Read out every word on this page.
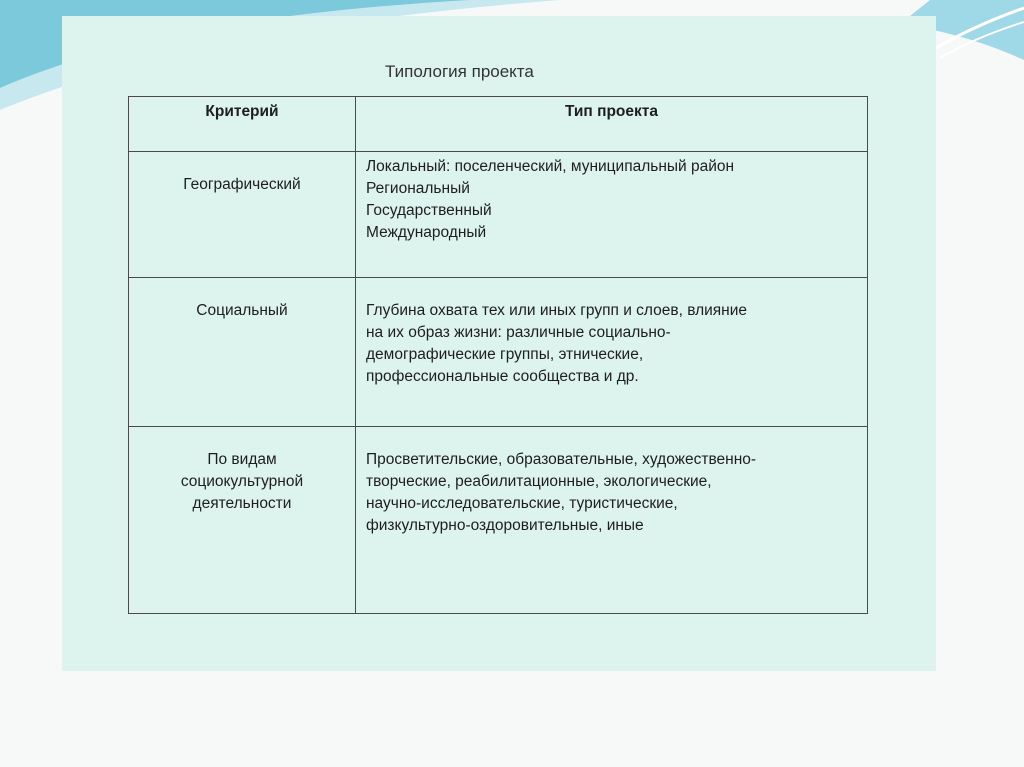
Типология проекта
Критерий	Тип проекта

Географический	Локальный: поселенческий, муниципальный район
Региональный
Государственный
Международный

Социальный	Глубина охвата тех или иных групп и слоев, влияние
на их образ жизни: различные социально-
демографические группы, этнические,
профессиональные сообщества и др.

По видам
социокультурной
деятельности	Просветительские, образовательные, художественно-
творческие, реабилитационные, экологические,
научно-исследовательские, туристические,
физкультурно-оздоровительные, иные
